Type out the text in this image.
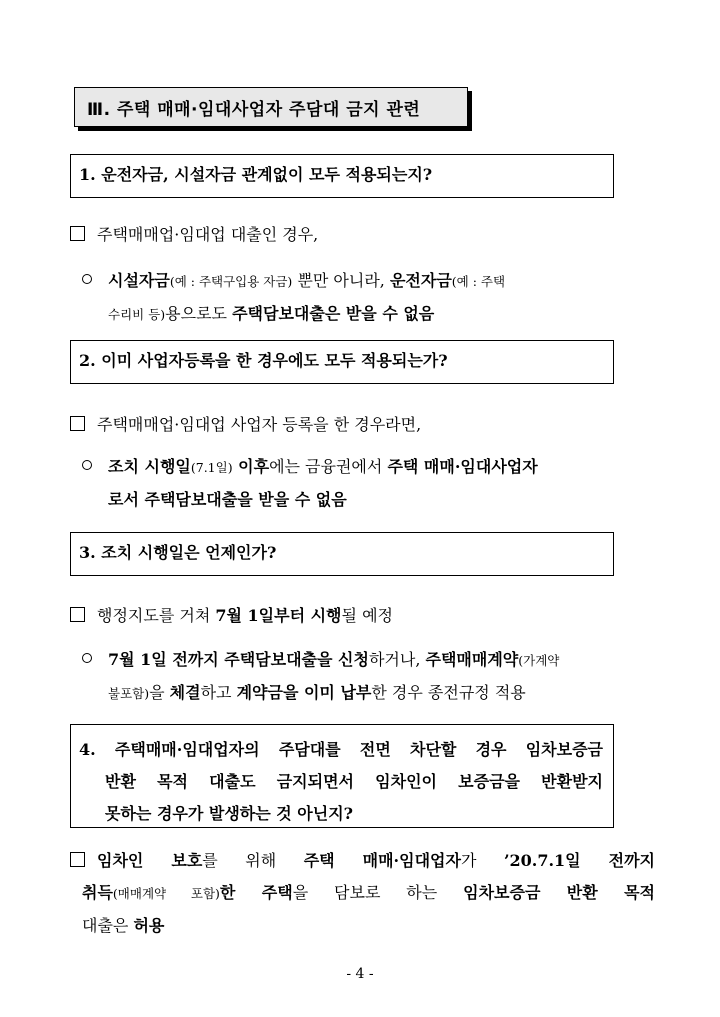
Ⅲ. 주택 매매·임대사업자 주담대 금지 관련
1. 운전자금, 시설자금 관계없이 모두 적용되는지?
주택매매업·임대업 대출인 경우,
시설자금(예 : 주택구입용 자금) 뿐만 아니라, 운전자금(예 : 주택
수리비 등)용으로도 주택담보대출은 받을 수 없음
2. 이미 사업자등록을 한 경우에도 모두 적용되는가?
주택매매업·임대업 사업자 등록을 한 경우라면,
조치 시행일(7.1일) 이후에는 금융권에서 주택 매매·임대사업자
로서 주택담보대출을 받을 수 없음
3. 조치 시행일은 언제인가?
행정지도를 거쳐 7월 1일부터 시행될 예정
7월 1일 전까지 주택담보대출을 신청하거나, 주택매매계약(가계약
불포함)을 체결하고 계약금을 이미 납부한 경우 종전규정 적용
4. 주택매매·임대업자의 주담대를 전면 차단할 경우 임차보증금
반환 목적 대출도 금지되면서 임차인이 보증금을 반환받지
못하는 경우가 발생하는 것 아닌지?
임차인 보호를 위해 주택 매매·임대업자가 ’20.7.1일 전까지
취득(매매계약 포함)한 주택을 담보로 하는 임차보증금 반환 목적
대출은 허용
- 4 -
